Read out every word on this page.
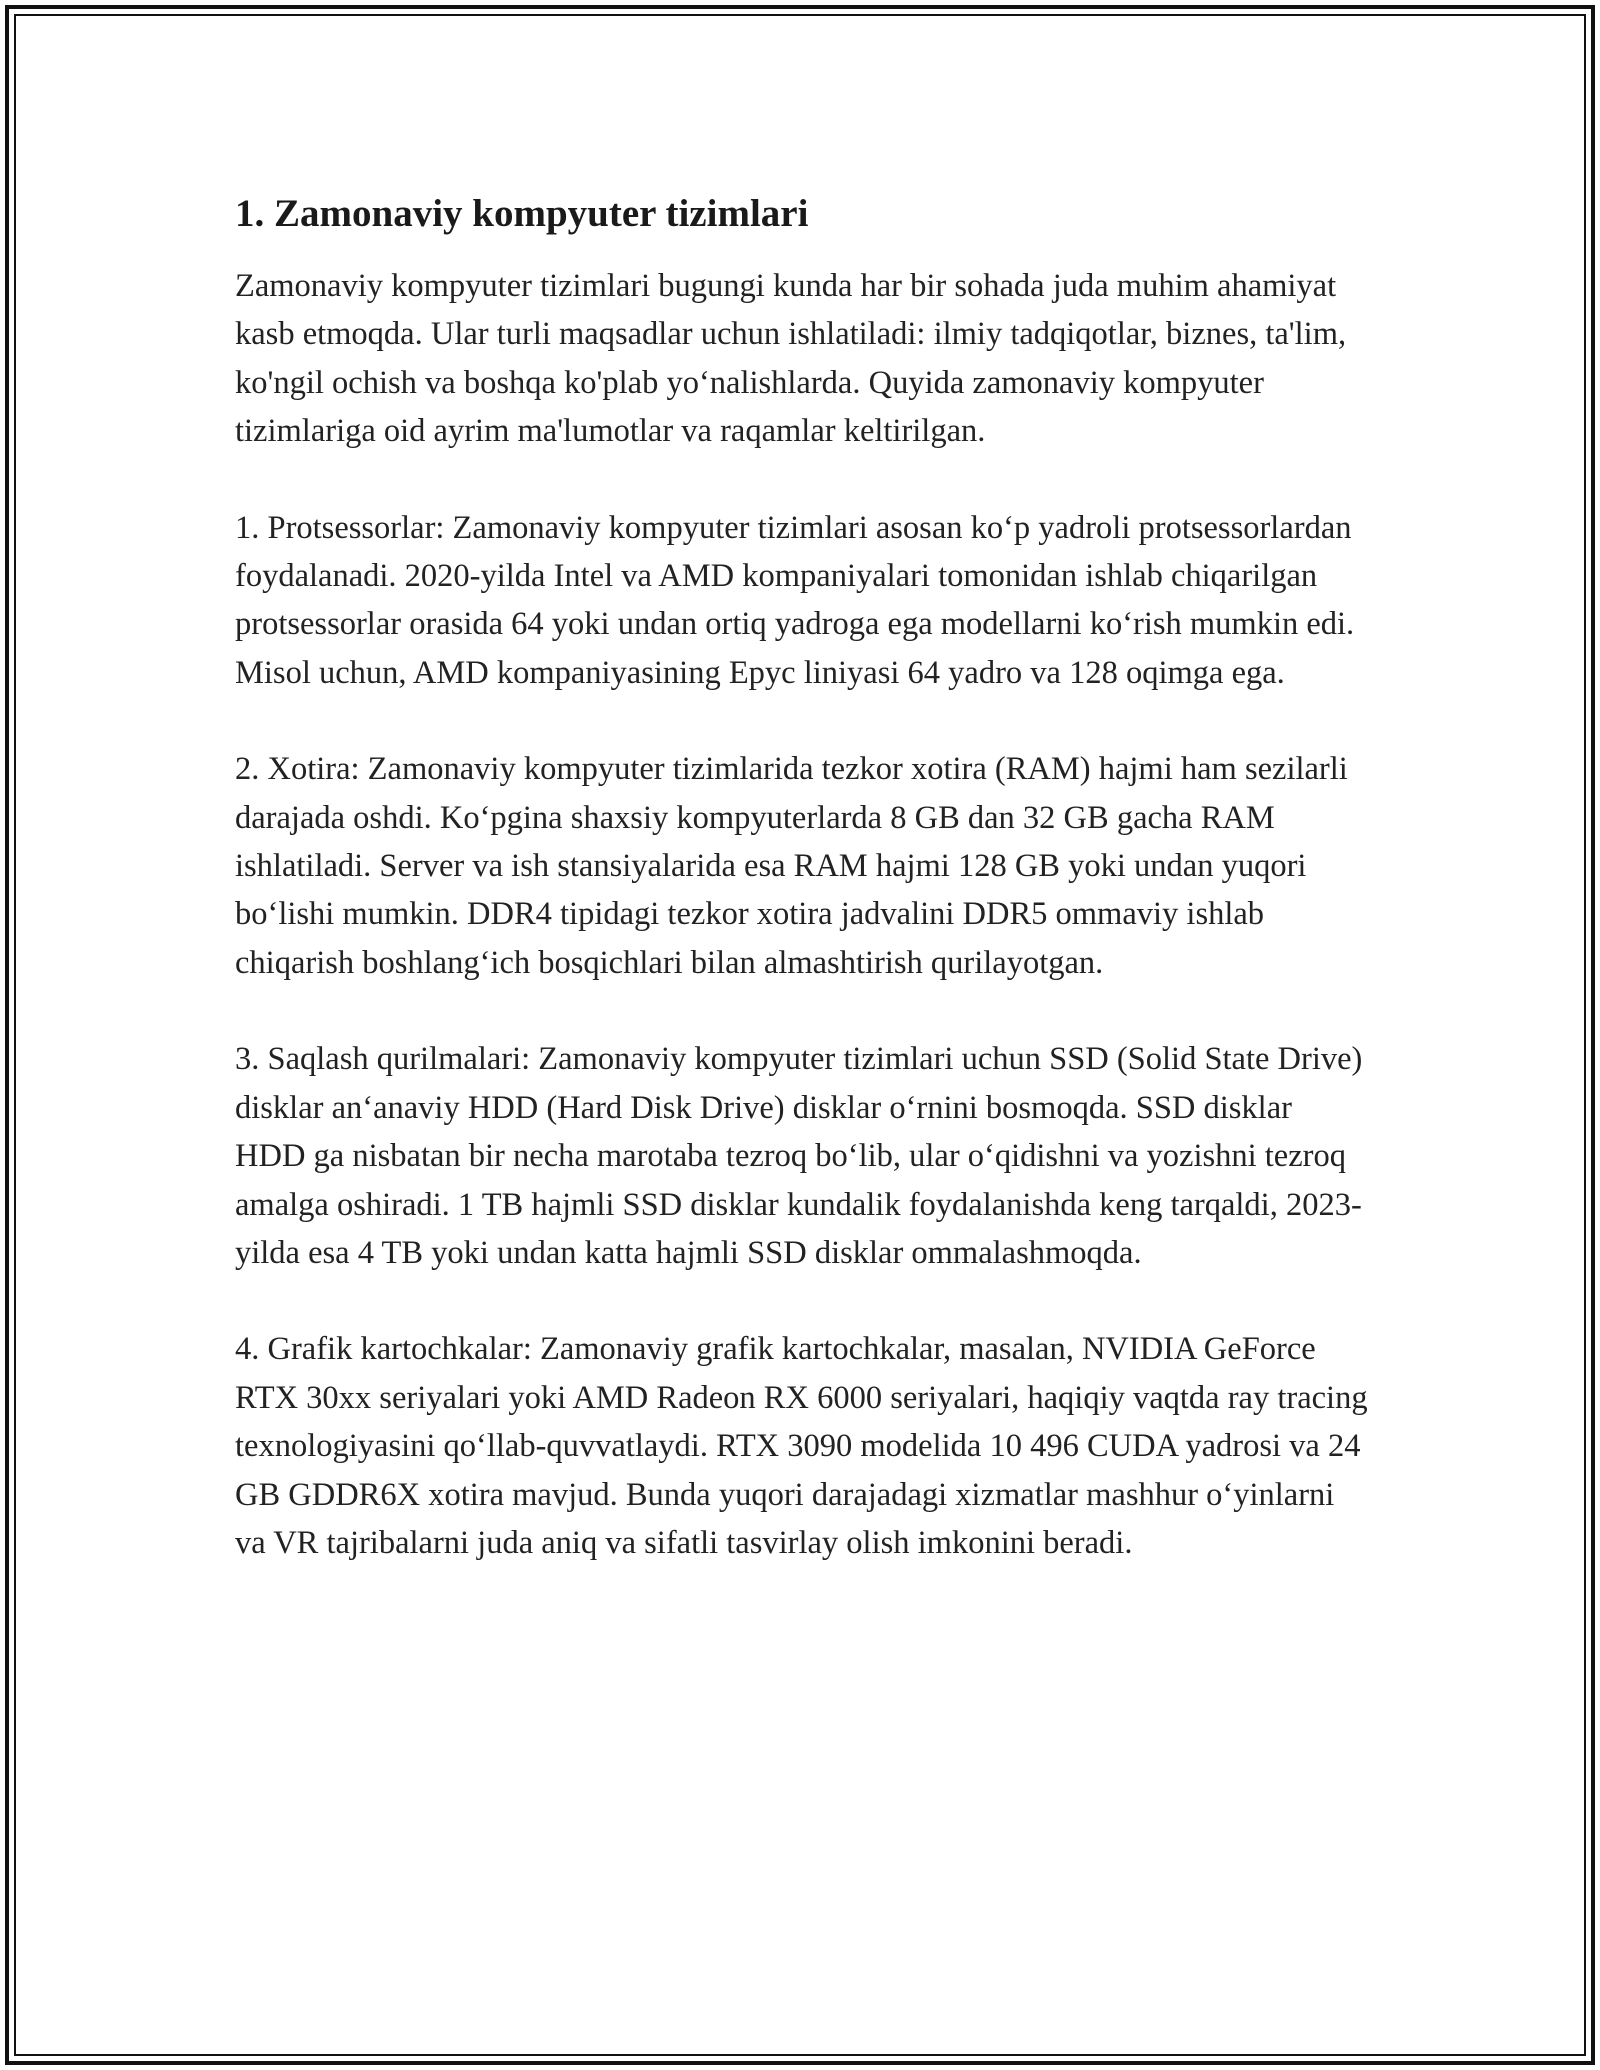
1. Zamonaviy kompyuter tizimlari

Zamonaviy kompyuter tizimlari bugungi kunda har bir sohada juda muhim ahamiyat kasb etmoqda. Ular turli maqsadlar uchun ishlatiladi: ilmiy tadqiqotlar, biznes, ta'lim, ko'ngil ochish va boshqa ko'plab yo‘nalishlarda. Quyida zamonaviy kompyuter tizimlariga oid ayrim ma'lumotlar va raqamlar keltirilgan.

1. Protsessorlar: Zamonaviy kompyuter tizimlari asosan ko‘p yadroli protsessorlardan foydalanadi. 2020-yilda Intel va AMD kompaniyalari tomonidan ishlab chiqarilgan protsessorlar orasida 64 yoki undan ortiq yadroga ega modellarni ko‘rish mumkin edi. Misol uchun, AMD kompaniyasining Epyc liniyasi 64 yadro va 128 oqimga ega.

2. Xotira: Zamonaviy kompyuter tizimlarida tezkor xotira (RAM) hajmi ham sezilarli darajada oshdi. Ko‘pgina shaxsiy kompyuterlarda 8 GB dan 32 GB gacha RAM ishlatiladi. Server va ish stansiyalarida esa RAM hajmi 128 GB yoki undan yuqori bo‘lishi mumkin. DDR4 tipidagi tezkor xotira jadvalini DDR5 ommaviy ishlab chiqarish boshlang‘ich bosqichlari bilan almashtirish qurilayotgan.

3. Saqlash qurilmalari: Zamonaviy kompyuter tizimlari uchun SSD (Solid State Drive) disklar an‘anaviy HDD (Hard Disk Drive) disklar o‘rnini bosmoqda. SSD disklar HDD ga nisbatan bir necha marotaba tezroq bo‘lib, ular o‘qidishni va yozishni tezroq amalga oshiradi. 1 TB hajmli SSD disklar kundalik foydalanishda keng tarqaldi, 2023-yilda esa 4 TB yoki undan katta hajmli SSD disklar ommalashmoqda.

4. Grafik kartochkalar: Zamonaviy grafik kartochkalar, masalan, NVIDIA GeForce RTX 30xx seriyalari yoki AMD Radeon RX 6000 seriyalari, haqiqiy vaqtda ray tracing texnologiyasini qo‘llab-quvvatlaydi. RTX 3090 modelida 10 496 CUDA yadrosi va 24 GB GDDR6X xotira mavjud. Bunda yuqori darajadagi xizmatlar mashhur o‘yinlarni va VR tajribalarni juda aniq va sifatli tasvirlay olish imkonini beradi.
